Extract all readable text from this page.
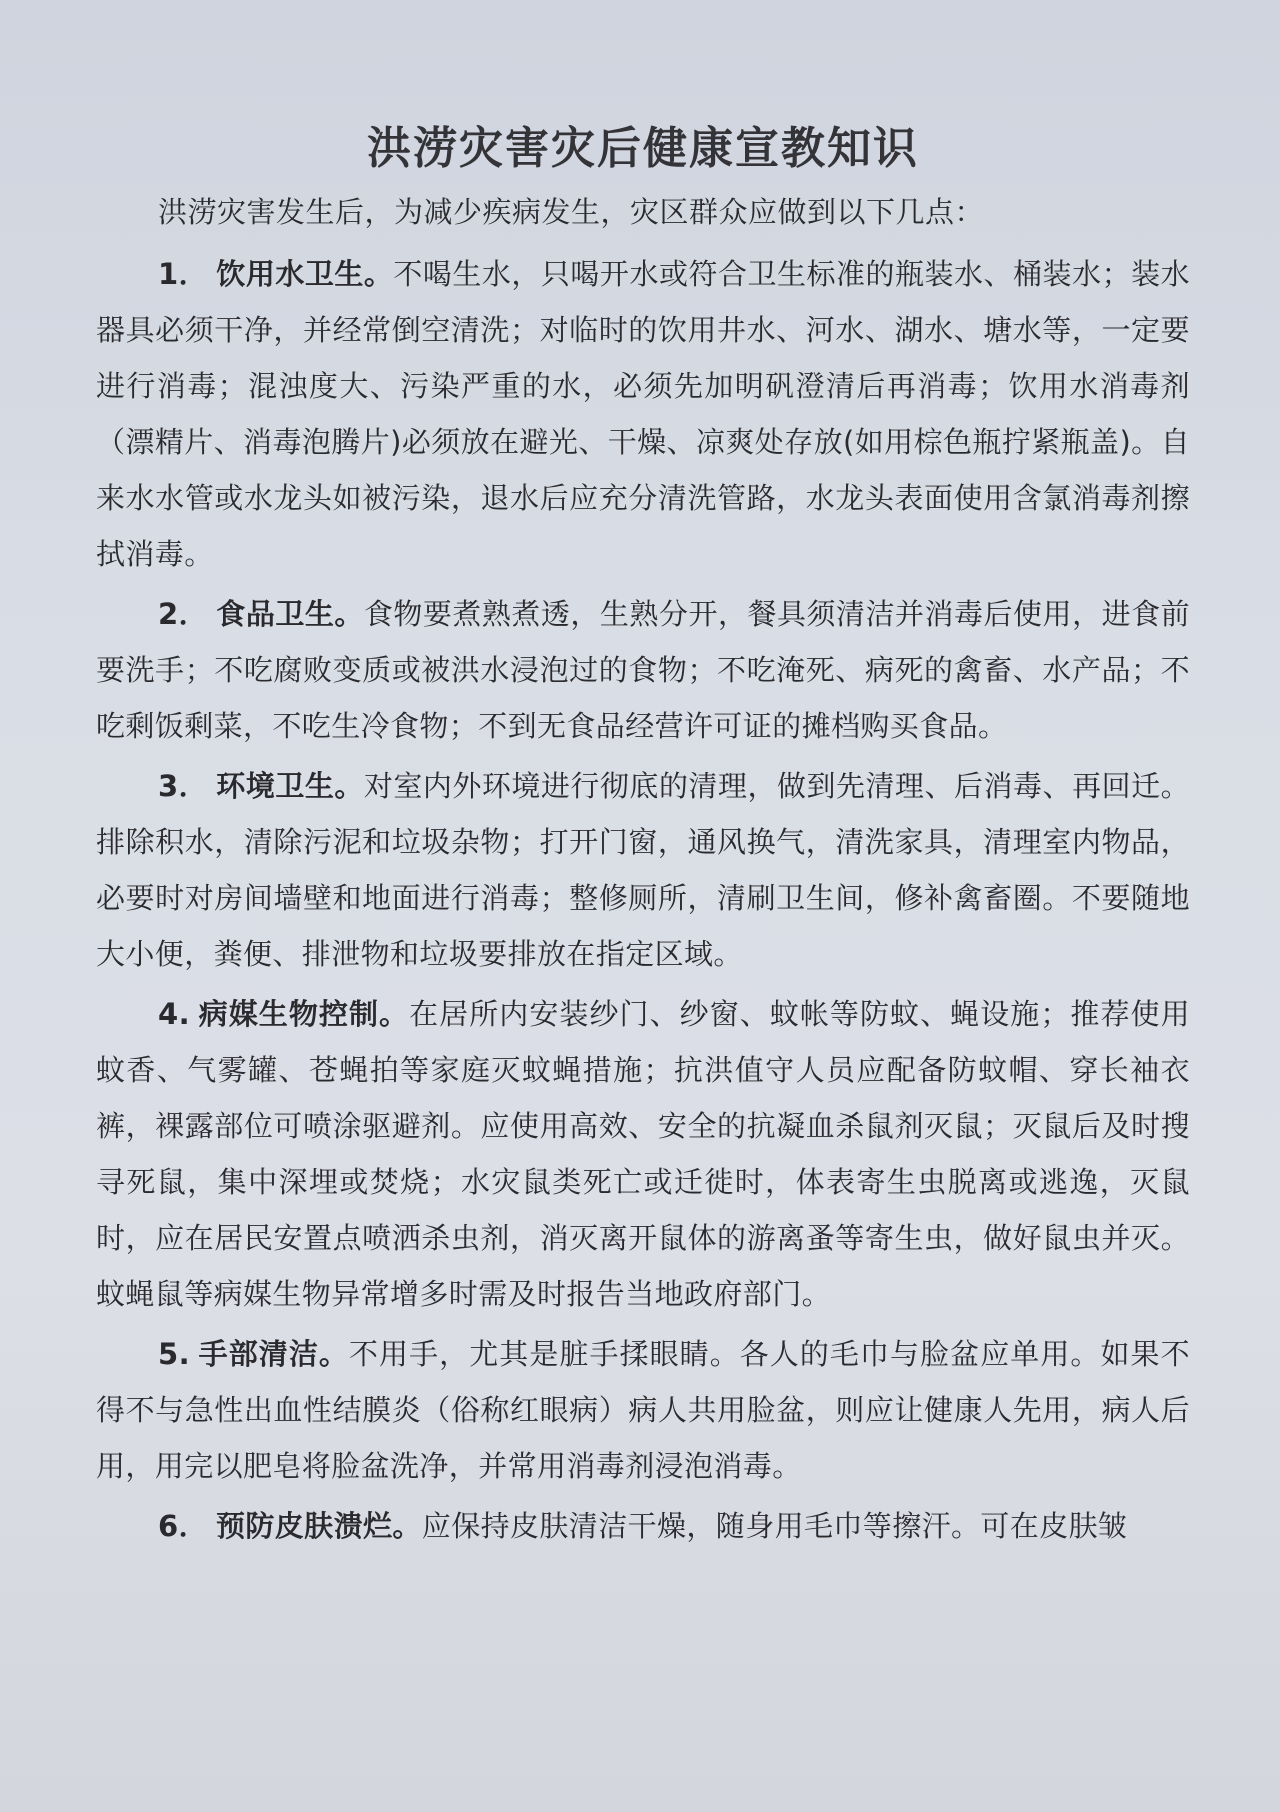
洪涝灾害灾后健康宣教知识

洪涝灾害发生后，为减少疾病发生，灾区群众应做到以下几点：

1． 饮用水卫生。不喝生水，只喝开水或符合卫生标准的瓶装水、桶装水；装水器具必须干净，并经常倒空清洗；对临时的饮用井水、河水、湖水、塘水等，一定要进行消毒；混浊度大、污染严重的水，必须先加明矾澄清后再消毒；饮用水消毒剂（漂精片、消毒泡腾片)必须放在避光、干燥、凉爽处存放(如用棕色瓶拧紧瓶盖)。自来水水管或水龙头如被污染，退水后应充分清洗管路，水龙头表面使用含氯消毒剂擦拭消毒。

2． 食品卫生。食物要煮熟煮透，生熟分开，餐具须清洁并消毒后使用，进食前要洗手；不吃腐败变质或被洪水浸泡过的食物；不吃淹死、病死的禽畜、水产品；不吃剩饭剩菜，不吃生冷食物；不到无食品经营许可证的摊档购买食品。

3． 环境卫生。对室内外环境进行彻底的清理，做到先清理、后消毒、再回迁。排除积水，清除污泥和垃圾杂物；打开门窗，通风换气，清洗家具，清理室内物品，必要时对房间墙壁和地面进行消毒；整修厕所，清刷卫生间，修补禽畜圈。不要随地大小便，粪便、排泄物和垃圾要排放在指定区域。

4. 病媒生物控制。在居所内安装纱门、纱窗、蚊帐等防蚊、蝇设施；推荐使用蚊香、气雾罐、苍蝇拍等家庭灭蚊蝇措施；抗洪值守人员应配备防蚊帽、穿长袖衣裤，裸露部位可喷涂驱避剂。应使用高效、安全的抗凝血杀鼠剂灭鼠；灭鼠后及时搜寻死鼠，集中深埋或焚烧；水灾鼠类死亡或迁徙时，体表寄生虫脱离或逃逸，灭鼠时，应在居民安置点喷洒杀虫剂，消灭离开鼠体的游离蚤等寄生虫，做好鼠虫并灭。蚊蝇鼠等病媒生物异常增多时需及时报告当地政府部门。

5. 手部清洁。不用手，尤其是脏手揉眼睛。各人的毛巾与脸盆应单用。如果不得不与急性出血性结膜炎（俗称红眼病）病人共用脸盆，则应让健康人先用，病人后用，用完以肥皂将脸盆洗净，并常用消毒剂浸泡消毒。

6． 预防皮肤溃烂。应保持皮肤清洁干燥，随身用毛巾等擦汗。可在皮肤皱
